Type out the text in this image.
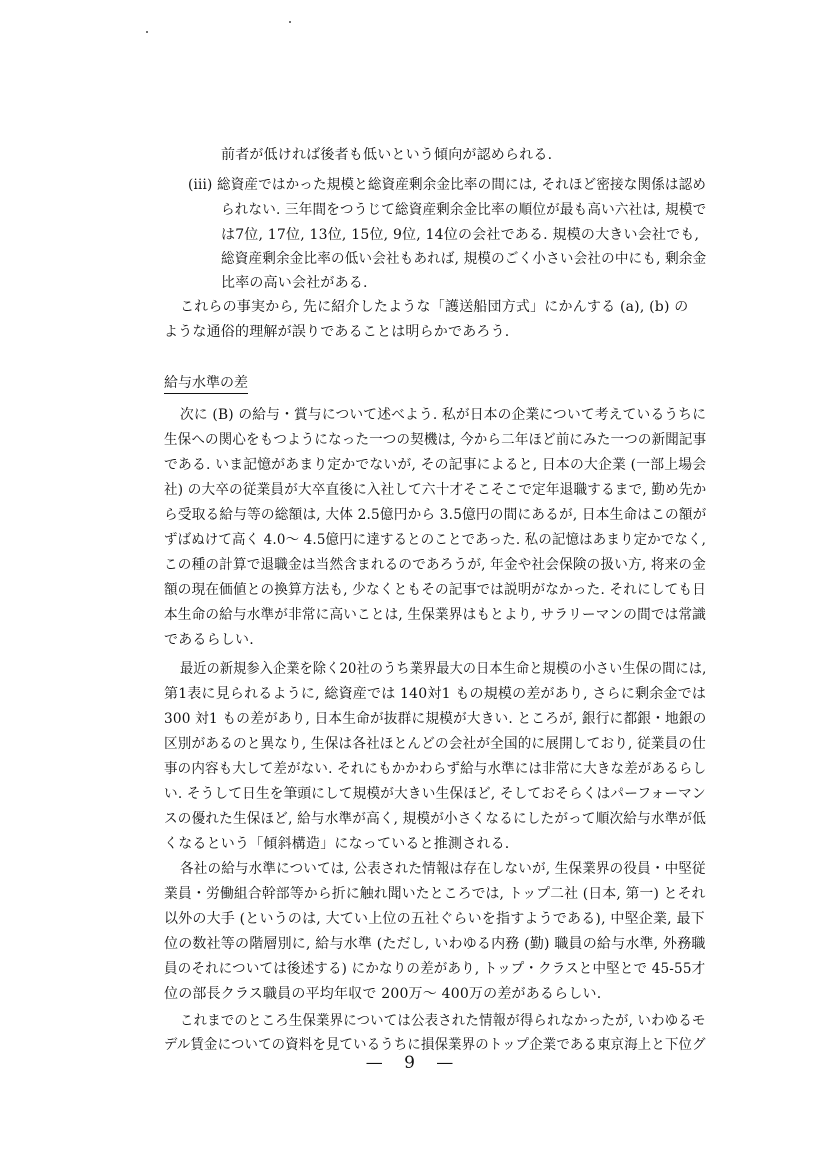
前者が低ければ後者も低いという傾向が認められる.
(iii) 総資産ではかった規模と総資産剰余金比率の間には, それほど密接な関係は認め
られない. 三年間をつうじて総資産剰余金比率の順位が最も高い六社は, 規模で
は7位, 17位, 13位, 15位, 9位, 14位の会社である. 規模の大きい会社でも,
総資産剰余金比率の低い会社もあれば, 規模のごく小さい会社の中にも, 剰余金
比率の高い会社がある.
これらの事実から, 先に紹介したような「護送船団方式」にかんする (a), (b) の
ような通俗的理解が誤りであることは明らかであろう.
給与水準の差
次に (B) の給与・賞与について述べよう. 私が日本の企業について考えているうちに
生保への関心をもつようになった一つの契機は, 今から二年ほど前にみた一つの新聞記事
である. いま記憶があまり定かでないが, その記事によると, 日本の大企業 (一部上場会
社) の大卒の従業員が大卒直後に入社して六十才そこそこで定年退職するまで, 勤め先か
ら受取る給与等の総額は, 大体 2.5億円から 3.5億円の間にあるが, 日本生命はこの額が
ずばぬけて高く 4.0～ 4.5億円に達するとのことであった. 私の記憶はあまり定かでなく,
この種の計算で退職金は当然含まれるのであろうが, 年金や社会保険の扱い方, 将来の金
額の現在価値との換算方法も, 少なくともその記事では説明がなかった. それにしても日
本生命の給与水準が非常に高いことは, 生保業界はもとより, サラリーマンの間では常識
であるらしい.
最近の新規参入企業を除く20社のうち業界最大の日本生命と規模の小さい生保の間には,
第1表に見られるように, 総資産では 140対1 もの規模の差があり, さらに剰余金では
300 対1 もの差があり, 日本生命が抜群に規模が大きい. ところが, 銀行に都銀・地銀の
区別があるのと異なり, 生保は各社ほとんどの会社が全国的に展開しており, 従業員の仕
事の内容も大して差がない. それにもかかわらず給与水準には非常に大きな差があるらし
い. そうして日生を筆頭にして規模が大きい生保ほど, そしておそらくはパーフォーマン
スの優れた生保ほど, 給与水準が高く, 規模が小さくなるにしたがって順次給与水準が低
くなるという「傾斜構造」になっていると推測される.
各社の給与水準については, 公表された情報は存在しないが, 生保業界の役員・中堅従
業員・労働組合幹部等から折に触れ聞いたところでは, トップ二社 (日本, 第一) とそれ
以外の大手 (というのは, 大てい上位の五社ぐらいを指すようである), 中堅企業, 最下
位の数社等の階層別に, 給与水準 (ただし, いわゆる内務 (勤) 職員の給与水準, 外務職
員のそれについては後述する) にかなりの差があり, トップ・クラスと中堅とで 45-55才
位の部長クラス職員の平均年収で 200万～ 400万の差があるらしい.
これまでのところ生保業界については公表された情報が得られなかったが, いわゆるモ
デル賃金についての資料を見ているうちに損保業界のトップ企業である東京海上と下位グ
— 9 —
